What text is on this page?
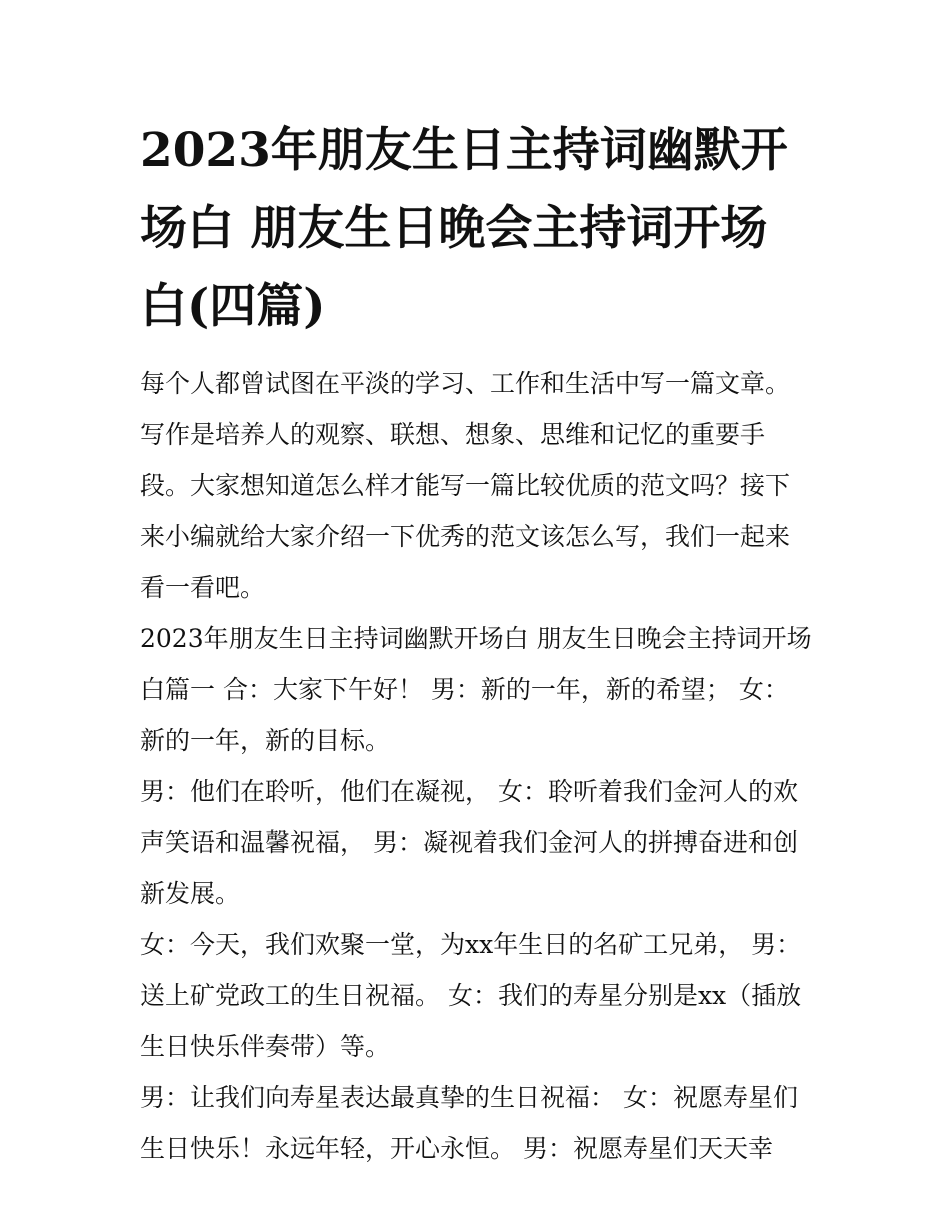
2023年朋友生日主持词幽默开场白 朋友生日晚会主持词开场白(四篇)

每个人都曾试图在平淡的学习、工作和生活中写一篇文章。写作是培养人的观察、联想、想象、思维和记忆的重要手段。大家想知道怎么样才能写一篇比较优质的范文吗？接下来小编就给大家介绍一下优秀的范文该怎么写，我们一起来看一看吧。

2023年朋友生日主持词幽默开场白 朋友生日晚会主持词开场白篇一 合：大家下午好！ 男：新的一年，新的希望； 女：新的一年，新的目标。

男：他们在聆听，他们在凝视， 女：聆听着我们金河人的欢声笑语和温馨祝福， 男：凝视着我们金河人的拼搏奋进和创新发展。

女：今天，我们欢聚一堂，为xx年生日的名矿工兄弟， 男：送上矿党政工的生日祝福。 女：我们的寿星分别是xx（插放生日快乐伴奏带）等。

男：让我们向寿星表达最真挚的生日祝福： 女：祝愿寿星们生日快乐！永远年轻，开心永恒。 男：祝愿寿星们天天幸
